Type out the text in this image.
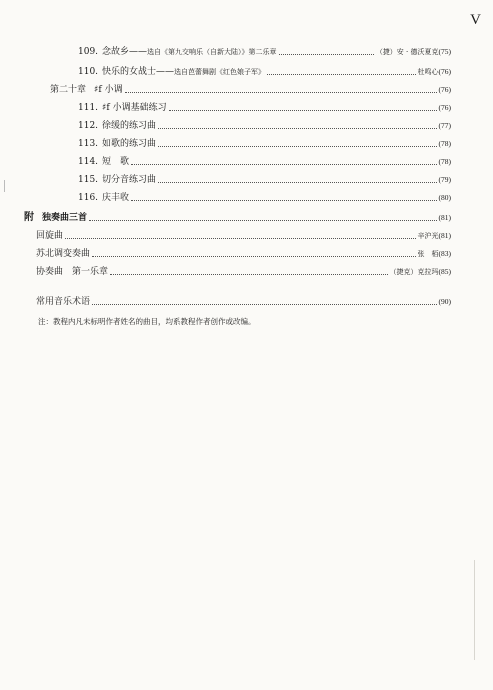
V
109. 念故乡—— 选自《第九交响乐（自新大陆）》第二乐章	（捷）安 · 德沃夏克 (75)
110. 快乐的女战士—— 选自芭蕾舞剧《红色娘子军》	杜鸣心 (76)
第二十章 ♯f 小调	(76)
111. ♯f 小调基础练习	(76)
112. 徐缓的练习曲	(77)
113. 如歌的练习曲	(78)
114. 短　歌	(78)
115. 切分音练习曲	(79)
116. 庆丰收	(80)
附 独奏曲三首	(81)
回旋曲	辛沪光 (81)
苏北调变奏曲	张　栢 (83)
协奏曲　第一乐章	（捷克）克拉玛 (85)
常用音乐术语	(90)
注：教程内凡未标明作者姓名的曲目，均系教程作者创作或改编。
